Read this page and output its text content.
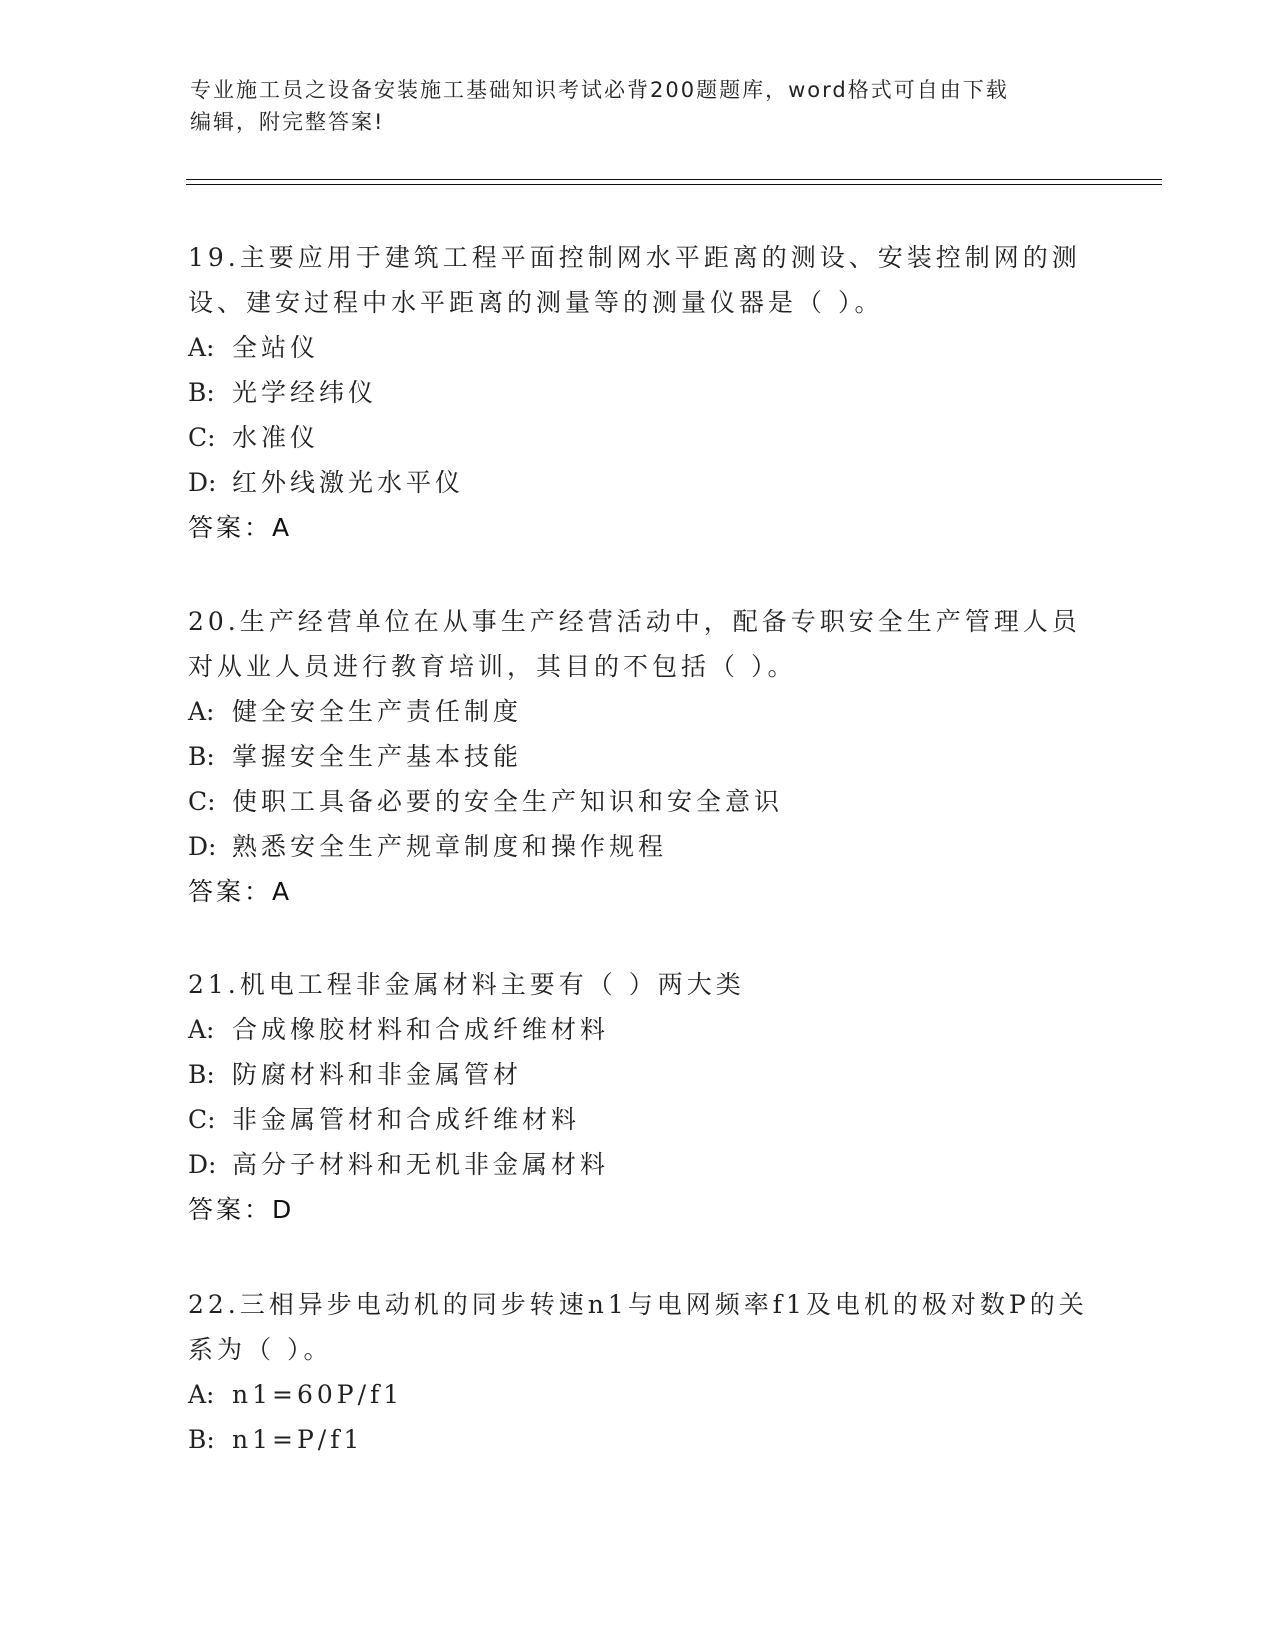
专业施工员之设备安装施工基础知识考试必背200题题库，word格式可自由下载
编辑，附完整答案!

19.主要应用于建筑工程平面控制网水平距离的测设、安装控制网的测设、建安过程中水平距离的测量等的测量仪器是（ ）。

A: 全站仪
B: 光学经纬仪
C: 水准仪
D: 红外线激光水平仪
答案：A

20.生产经营单位在从事生产经营活动中，配备专职安全生产管理人员对从业人员进行教育培训，其目的不包括（ ）。

A: 健全安全生产责任制度
B: 掌握安全生产基本技能
C: 使职工具备必要的安全生产知识和安全意识
D: 熟悉安全生产规章制度和操作规程
答案：A

21.机电工程非金属材料主要有（ ）两大类

A: 合成橡胶材料和合成纤维材料
B: 防腐材料和非金属管材
C: 非金属管材和合成纤维材料
D: 高分子材料和无机非金属材料
答案：D

22.三相异步电动机的同步转速n1与电网频率f1及电机的极对数P的关系为（ ）。

A: n1=60P/f1
B: n1=P/f1
